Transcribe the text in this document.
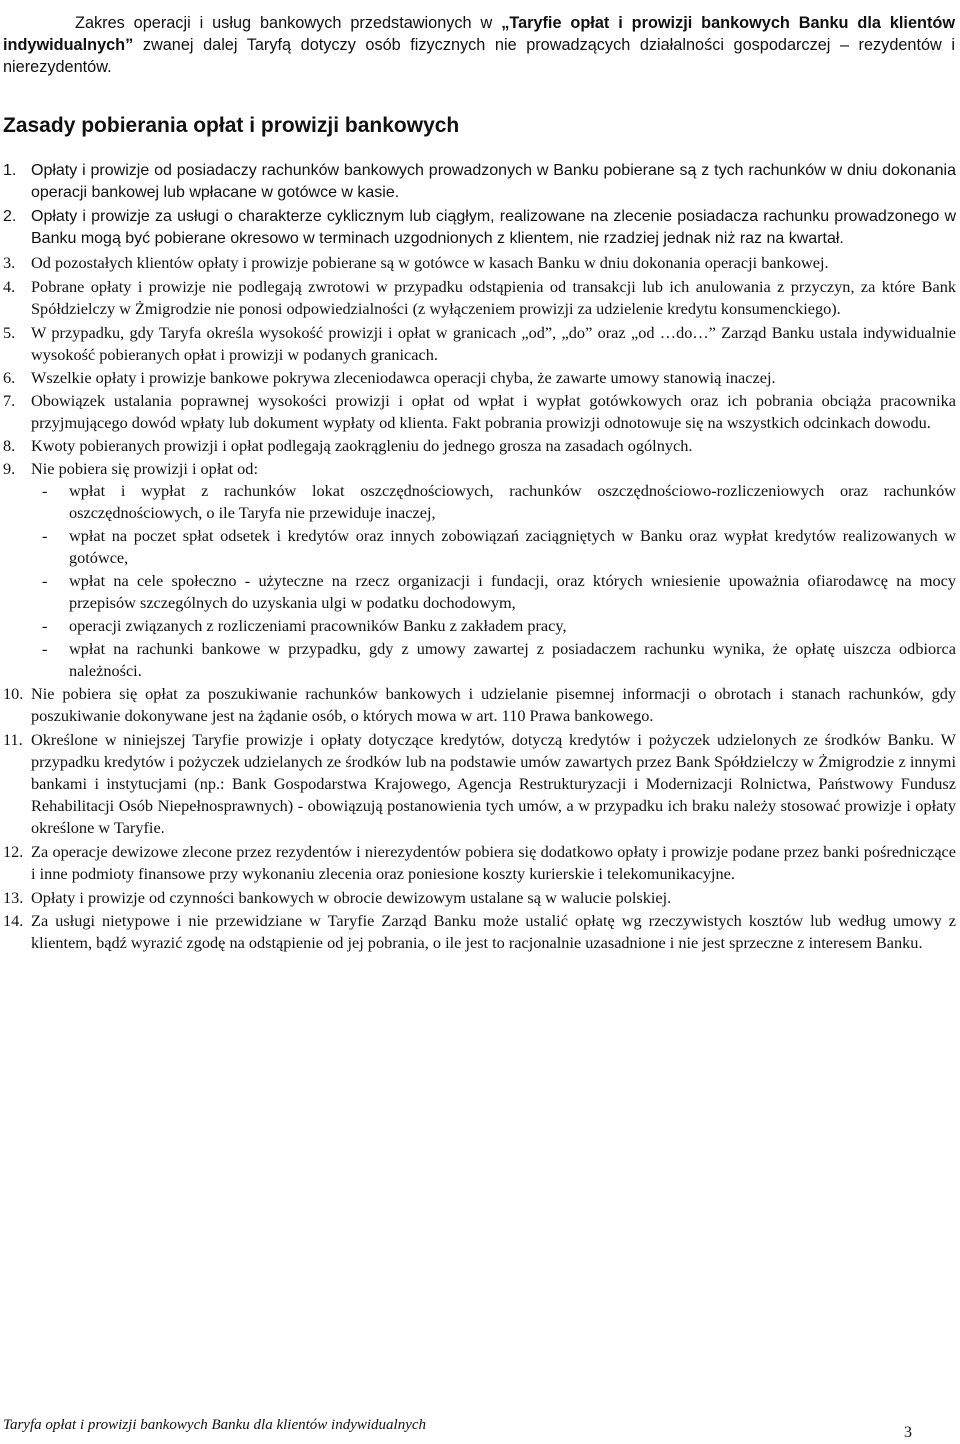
Zakres operacji i usług bankowych przedstawionych w „Taryfie opłat i prowizji bankowych Banku dla klientów indywidualnych” zwanej dalej Taryfą dotyczy osób fizycznych nie prowadzących działalności gospodarczej – rezydentów i nierezydentów.

Zasady pobierania opłat i prowizji bankowych
1. Opłaty i prowizje od posiadaczy rachunków bankowych prowadzonych w Banku pobierane są z tych rachunków w dniu dokonania operacji bankowej lub wpłacane w gotówce w kasie.
2. Opłaty i prowizje za usługi o charakterze cyklicznym lub ciągłym, realizowane na zlecenie posiadacza rachunku prowadzonego w Banku mogą być pobierane okresowo w terminach uzgodnionych z klientem, nie rzadziej jednak niż raz na kwartał.
3. Od pozostałych klientów opłaty i prowizje pobierane są w gotówce w kasach Banku w dniu dokonania operacji bankowej.
4. Pobrane opłaty i prowizje nie podlegają zwrotowi w przypadku odstąpienia od transakcji lub ich anulowania z przyczyn, za które Bank Spółdzielczy w Żmigrodzie nie ponosi odpowiedzialności (z wyłączeniem prowizji za udzielenie kredytu konsumenckiego).
5. W przypadku, gdy Taryfa określa wysokość prowizji i opłat w granicach „od”, „do” oraz „od …do…” Zarząd Banku ustala indywidualnie wysokość pobieranych opłat i prowizji w podanych granicach.
6. Wszelkie opłaty i prowizje bankowe pokrywa zleceniodawca operacji chyba, że zawarte umowy stanowią inaczej.
7. Obowiązek ustalania poprawnej wysokości prowizji i opłat od wpłat i wypłat gotówkowych oraz ich pobrania obciąża pracownika przyjmującego dowód wpłaty lub dokument wypłaty od klienta. Fakt pobrania prowizji odnotowuje się na wszystkich odcinkach dowodu.
8. Kwoty pobieranych prowizji i opłat podlegają zaokrągleniu do jednego grosza na zasadach ogólnych.
9. Nie pobiera się prowizji i opłat od:
- wpłat i wypłat z rachunków lokat oszczędnościowych, rachunków oszczędnościowo-rozliczeniowych oraz rachunków oszczędnościowych, o ile Taryfa nie przewiduje inaczej,
- wpłat na poczet spłat odsetek i kredytów oraz innych zobowiązań zaciągniętych w Banku oraz wypłat kredytów realizowanych w gotówce,
- wpłat na cele społeczno - użyteczne na rzecz organizacji i fundacji, oraz których wniesienie upoważnia ofiarodawcę na mocy przepisów szczególnych do uzyskania ulgi w podatku dochodowym,
- operacji związanych z rozliczeniami pracowników Banku z zakładem pracy,
- wpłat na rachunki bankowe w przypadku, gdy z umowy zawartej z posiadaczem rachunku wynika, że opłatę uiszcza odbiorca należności.
10. Nie pobiera się opłat za poszukiwanie rachunków bankowych i udzielanie pisemnej informacji o obrotach i stanach rachunków, gdy poszukiwanie dokonywane jest na żądanie osób, o których mowa w art. 110 Prawa bankowego.
11. Określone w niniejszej Taryfie prowizje i opłaty dotyczące kredytów, dotyczą kredytów i pożyczek udzielonych ze środków Banku. W przypadku kredytów i pożyczek udzielanych ze środków lub na podstawie umów zawartych przez Bank Spółdzielczy w Żmigrodzie z innymi bankami i instytucjami (np.: Bank Gospodarstwa Krajowego, Agencja Restrukturyzacji i Modernizacji Rolnictwa, Państwowy Fundusz Rehabilitacji Osób Niepełnosprawnych) - obowiązują postanowienia tych umów, a w przypadku ich braku należy stosować prowizje i opłaty określone w Taryfie.
12. Za operacje dewizowe zlecone przez rezydentów i nierezydentów pobiera się dodatkowo opłaty i prowizje podane przez banki pośredniczące i inne podmioty finansowe przy wykonaniu zlecenia oraz poniesione koszty kurierskie i telekomunikacyjne.
13. Opłaty i prowizje od czynności bankowych w obrocie dewizowym ustalane są w walucie polskiej.
14. Za usługi nietypowe i nie przewidziane w Taryfie Zarząd Banku może ustalić opłatę wg rzeczywistych kosztów lub według umowy z klientem, bądź wyrazić zgodę na odstąpienie od jej pobrania, o ile jest to racjonalnie uzasadnione i nie jest sprzeczne z interesem Banku.
Taryfa opłat i prowizji bankowych Banku dla klientów indywidualnych	3
